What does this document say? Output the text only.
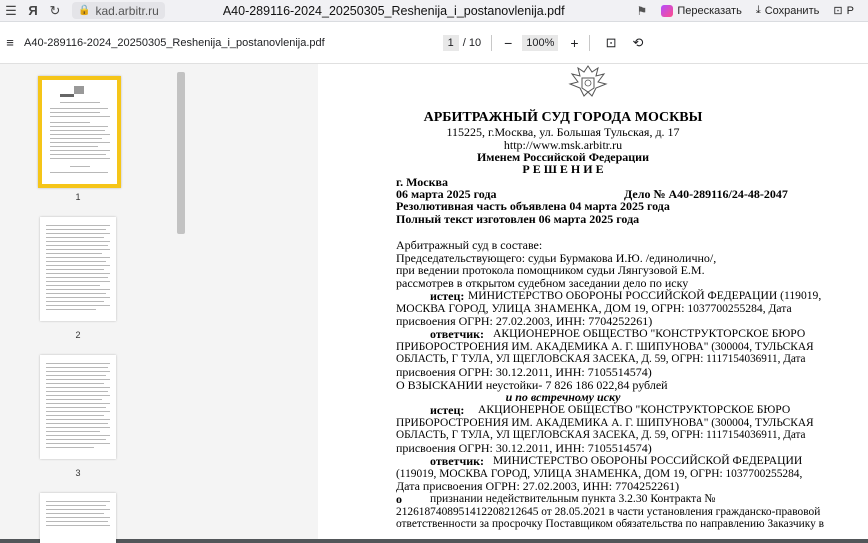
☰ Я ↻	🔒 kad.arbitr.ru	A40-289116-2024_20250305_Reshenija_i_postanovlenija.pdf	⚑	Пересказать ⤓ Сохранить ⊡ Р
≡ A40-289116-2024_20250305_Reshenija_i_postanovlenija.pdf	1 / 10 −	100% + ⊡ ⟲
1
2
3
АРБИТРАЖНЫЙ СУД ГОРОДА МОСКВЫ
115225, г.Москва, ул. Большая Тульская, д. 17
http://www.msk.arbitr.ru
Именем Российской Федерации
Р Е Ш Е Н И Е
г. Москва
06 марта 2025 года	Дело № А40-289116/24-48-2047
Резолютивная часть объявлена 04 марта 2025 года
Полный текст изготовлен 06 марта 2025 года
Арбитражный суд в составе:
Председательствующего: судьи Бурмакова И.Ю. /единолично/,
при ведении протокола помощником судьи Лянгузовой Е.М.
рассмотрев в открытом судебном заседании дело по иску
истец: МИНИСТЕРСТВО ОБОРОНЫ РОССИЙСКОЙ ФЕДЕРАЦИИ (119019,
МОСКВА ГОРОД, УЛИЦА ЗНАМЕНКА, ДОМ 19, ОГРН: 1037700255284, Дата
присвоения ОГРН: 27.02.2003, ИНН: 7704252261)
ответчик: АКЦИОНЕРНОЕ ОБЩЕСТВО "КОНСТРУКТОРСКОЕ БЮРО
ПРИБОРОСТРОЕНИЯ ИМ. АКАДЕМИКА А. Г. ШИПУНОВА" (300004, ТУЛЬСКАЯ
ОБЛАСТЬ, Г ТУЛА, УЛ ЩЕГЛОВСКАЯ ЗАСЕКА, Д. 59, ОГРН: 1117154036911, Дата
присвоения ОГРН: 30.12.2011, ИНН: 7105514574)
О ВЗЫСКАНИИ неустойки- 7 826 186 022,84 рублей
и по встречному иску
истец: АКЦИОНЕРНОЕ ОБЩЕСТВО "КОНСТРУКТОРСКОЕ БЮРО
ПРИБОРОСТРОЕНИЯ ИМ. АКАДЕМИКА А. Г. ШИПУНОВА" (300004, ТУЛЬСКАЯ
ОБЛАСТЬ, Г ТУЛА, УЛ ЩЕГЛОВСКАЯ ЗАСЕКА, Д. 59, ОГРН: 1117154036911, Дата
присвоения ОГРН: 30.12.2011, ИНН: 7105514574)
ответчик: МИНИСТЕРСТВО ОБОРОНЫ РОССИЙСКОЙ ФЕДЕРАЦИИ
(119019, МОСКВА ГОРОД, УЛИЦА ЗНАМЕНКА, ДОМ 19, ОГРН: 1037700255284,
Дата присвоения ОГРН: 27.02.2003, ИНН: 7704252261)
о признании недействительным пункта 3.2.30 Контракта №
2126187408951412208212645 от 28.05.2021 в части установления гражданско-правовой
ответственности за просрочку Поставщиком обязательства по направлению Заказчику в
